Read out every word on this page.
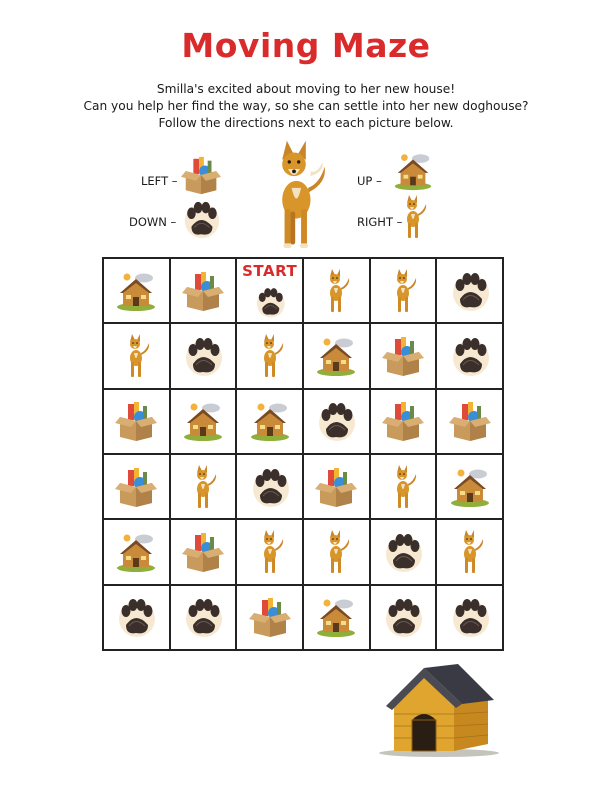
Moving Maze
Smilla's excited about moving to her new house!
Can you help her find the way, so she can settle into her new doghouse?
Follow the directions next to each picture below.
LEFT –
DOWN –
UP –
RIGHT –
START
